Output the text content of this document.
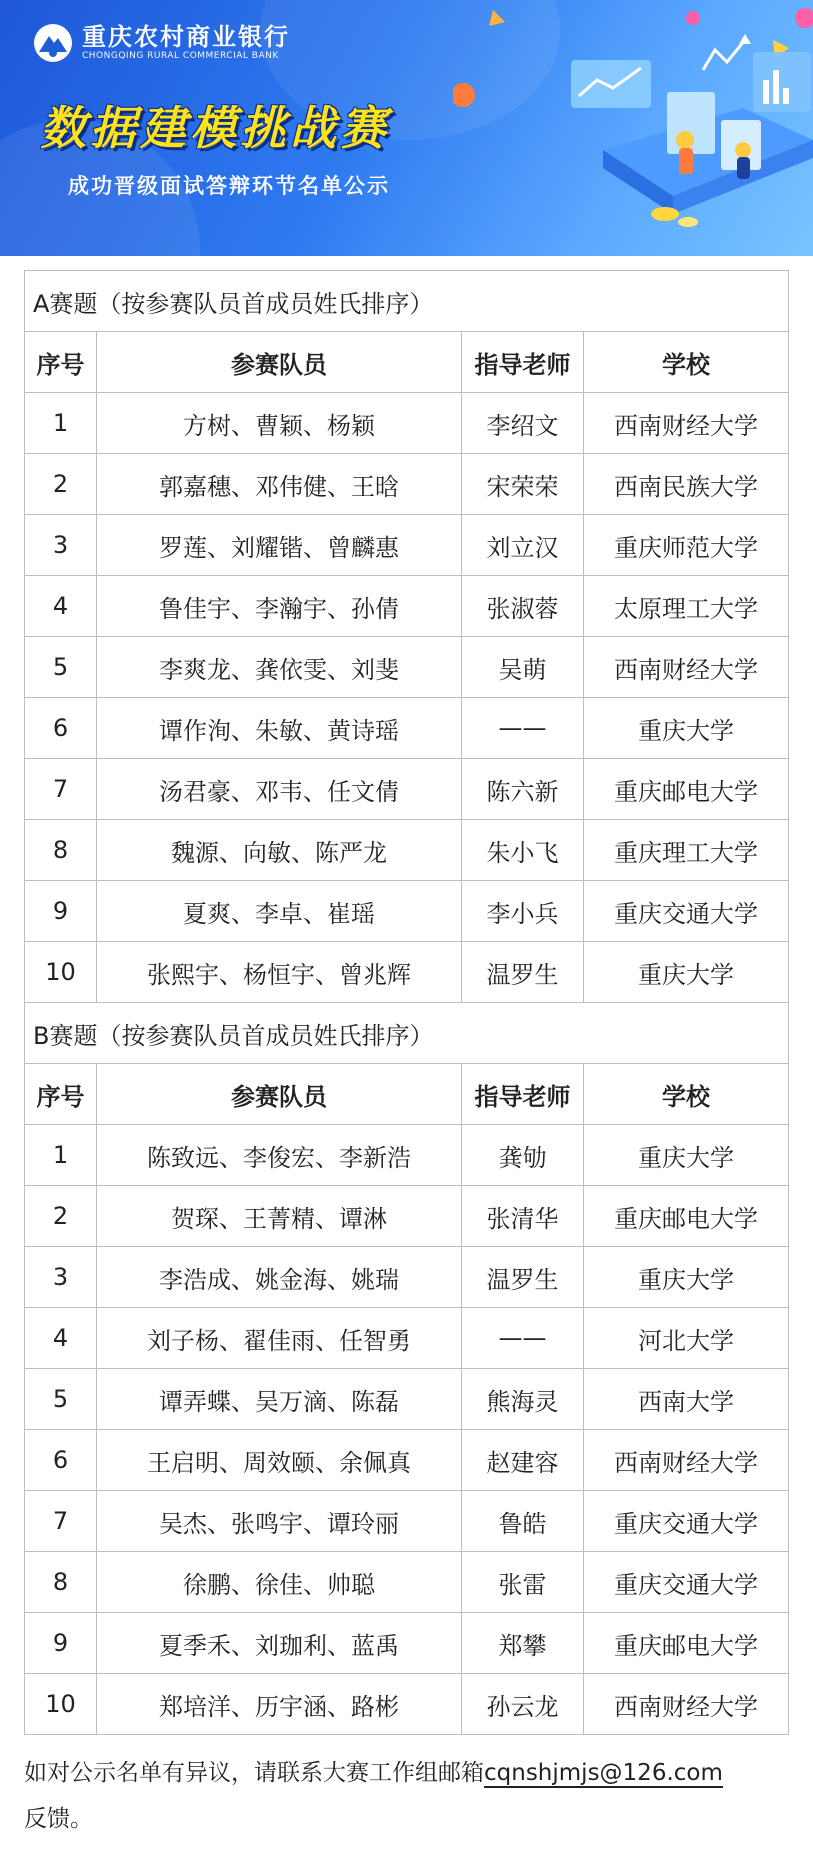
重庆农村商业银行
CHONGQING RURAL COMMERCIAL BANK
数据建模挑战赛
成功晋级面试答辩环节名单公示
A赛题（按参赛队员首成员姓氏排序）			
序号	参赛队员	指导老师	学校
1	方树、曹颖、杨颖	李绍文	西南财经大学
2	郭嘉穗、邓伟健、王晗	宋荣荣	西南民族大学
3	罗莲、刘耀锴、曾麟惠	刘立汉	重庆师范大学
4	鲁佳宇、李瀚宇、孙倩	张淑蓉	太原理工大学
5	李爽龙、龚依雯、刘斐	吴萌	西南财经大学
6	谭作洵、朱敏、黄诗瑶	——	重庆大学
7	汤君豪、邓韦、任文倩	陈六新	重庆邮电大学
8	魏源、向敏、陈严龙	朱小飞	重庆理工大学
9	夏爽、李卓、崔瑶	李小兵	重庆交通大学
10	张熙宇、杨恒宇、曾兆辉	温罗生	重庆大学
B赛题（按参赛队员首成员姓氏排序）			
序号	参赛队员	指导老师	学校
1	陈致远、李俊宏、李新浩	龚劬	重庆大学
2	贺琛、王菁精、谭淋	张清华	重庆邮电大学
3	李浩成、姚金海、姚瑞	温罗生	重庆大学
4	刘子杨、翟佳雨、任智勇	——	河北大学
5	谭弄蝶、吴万滴、陈磊	熊海灵	西南大学
6	王启明、周效颐、余佩真	赵建容	西南财经大学
7	吴杰、张鸣宇、谭玲丽	鲁皓	重庆交通大学
8	徐鹏、徐佳、帅聪	张雷	重庆交通大学
9	夏季禾、刘珈利、蓝禹	郑攀	重庆邮电大学
10	郑培洋、历宇涵、路彬	孙云龙	西南财经大学
如对公示名单有异议，请联系大赛工作组邮箱cqnshjmjs@126.com
反馈。
